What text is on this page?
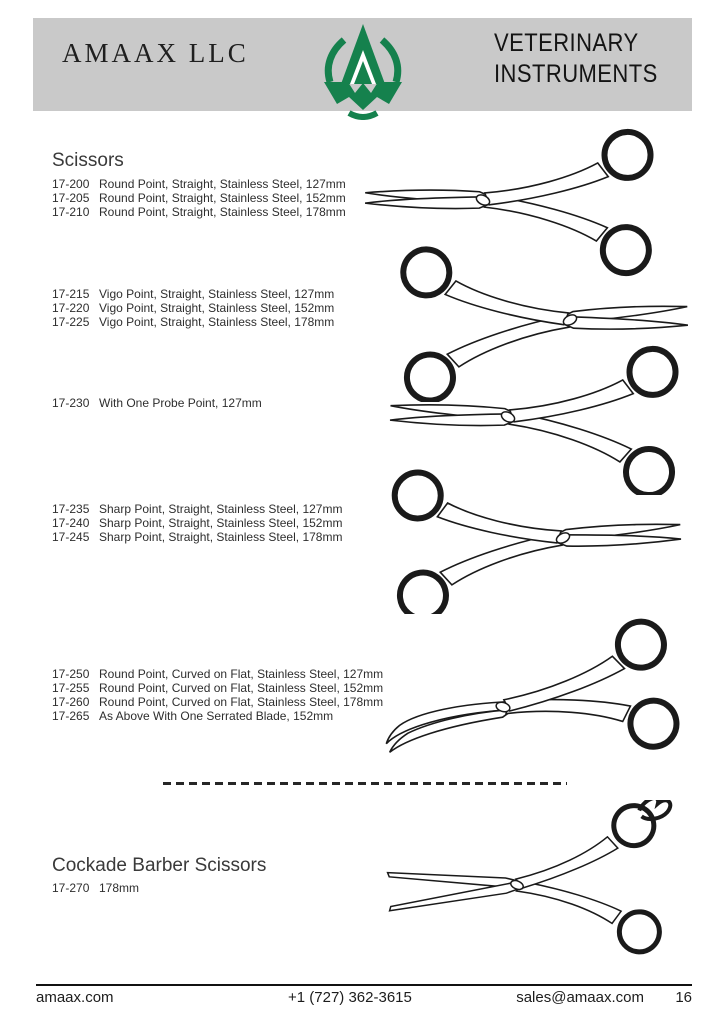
AMAAX LLC	VETERINARY
INSTRUMENTS
Scissors
17-200 Round Point, Straight, Stainless Steel, 127mm
17-205 Round Point, Straight, Stainless Steel, 152mm
17-210 Round Point, Straight, Stainless Steel, 178mm
17-215 Vigo Point, Straight, Stainless Steel, 127mm
17-220 Vigo Point, Straight, Stainless Steel, 152mm
17-225 Vigo Point, Straight, Stainless Steel, 178mm
17-230 With One Probe Point, 127mm
17-235 Sharp Point, Straight, Stainless Steel, 127mm
17-240 Sharp Point, Straight, Stainless Steel, 152mm
17-245 Sharp Point, Straight, Stainless Steel, 178mm
17-250 Round Point, Curved on Flat, Stainless Steel, 127mm
17-255 Round Point, Curved on Flat, Stainless Steel, 152mm
17-260 Round Point, Curved on Flat, Stainless Steel, 178mm
17-265 As Above With One Serrated Blade, 152mm
Cockade Barber Scissors
17-270 178mm
amaax.com	+1 (727) 362-3615	sales@amaax.com 16
